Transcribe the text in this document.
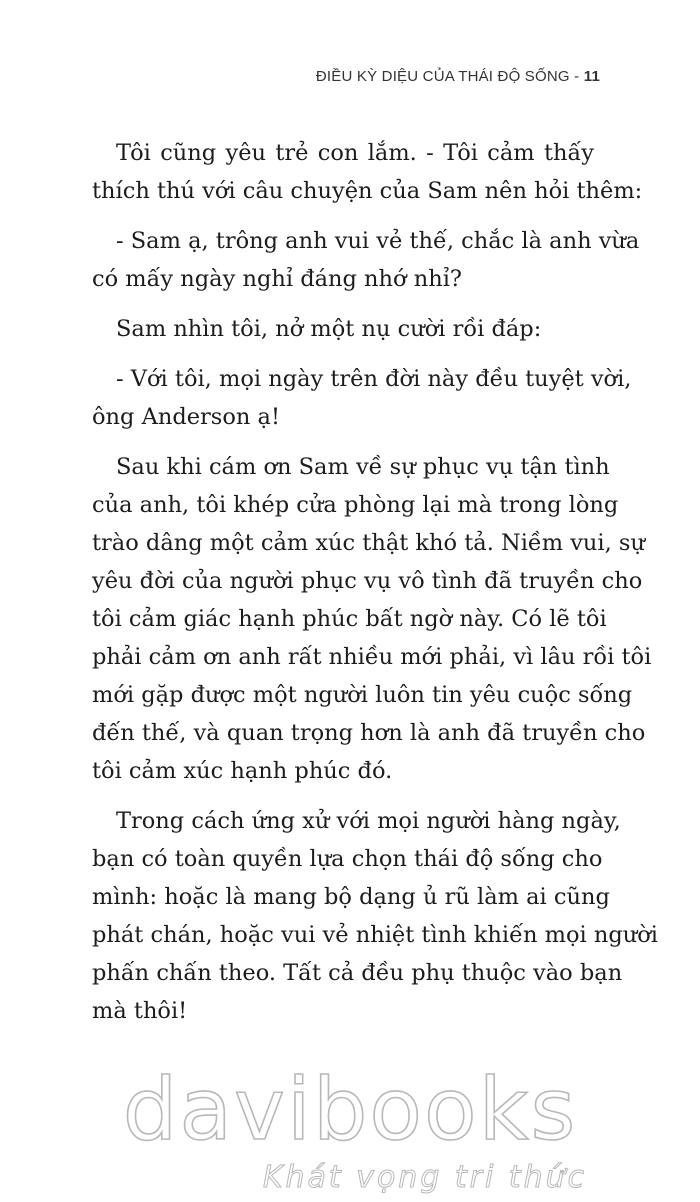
ĐIỀU KỲ DIỆU CỦA THÁI ĐỘ SỐNG - 11
Tôi cũng yêu trẻ con lắm. - Tôi cảm thấy
thích thú với câu chuyện của Sam nên hỏi thêm:
- Sam ạ, trông anh vui vẻ thế, chắc là anh vừa
có mấy ngày nghỉ đáng nhớ nhỉ?
Sam nhìn tôi, nở một nụ cười rồi đáp:
- Với tôi, mọi ngày trên đời này đều tuyệt vời,
ông Anderson ạ!
Sau khi cám ơn Sam về sự phục vụ tận tình
của anh, tôi khép cửa phòng lại mà trong lòng
trào dâng một cảm xúc thật khó tả. Niềm vui, sự
yêu đời của người phục vụ vô tình đã truyền cho
tôi cảm giác hạnh phúc bất ngờ này. Có lẽ tôi
phải cảm ơn anh rất nhiều mới phải, vì lâu rồi tôi
mới gặp được một người luôn tin yêu cuộc sống
đến thế, và quan trọng hơn là anh đã truyền cho
tôi cảm xúc hạnh phúc đó.
Trong cách ứng xử với mọi người hàng ngày,
bạn có toàn quyền lựa chọn thái độ sống cho
mình: hoặc là mang bộ dạng ủ rũ làm ai cũng
phát chán, hoặc vui vẻ nhiệt tình khiến mọi người
phấn chấn theo. Tất cả đều phụ thuộc vào bạn
mà thôi!
davibooks
Khát vọng tri thức
